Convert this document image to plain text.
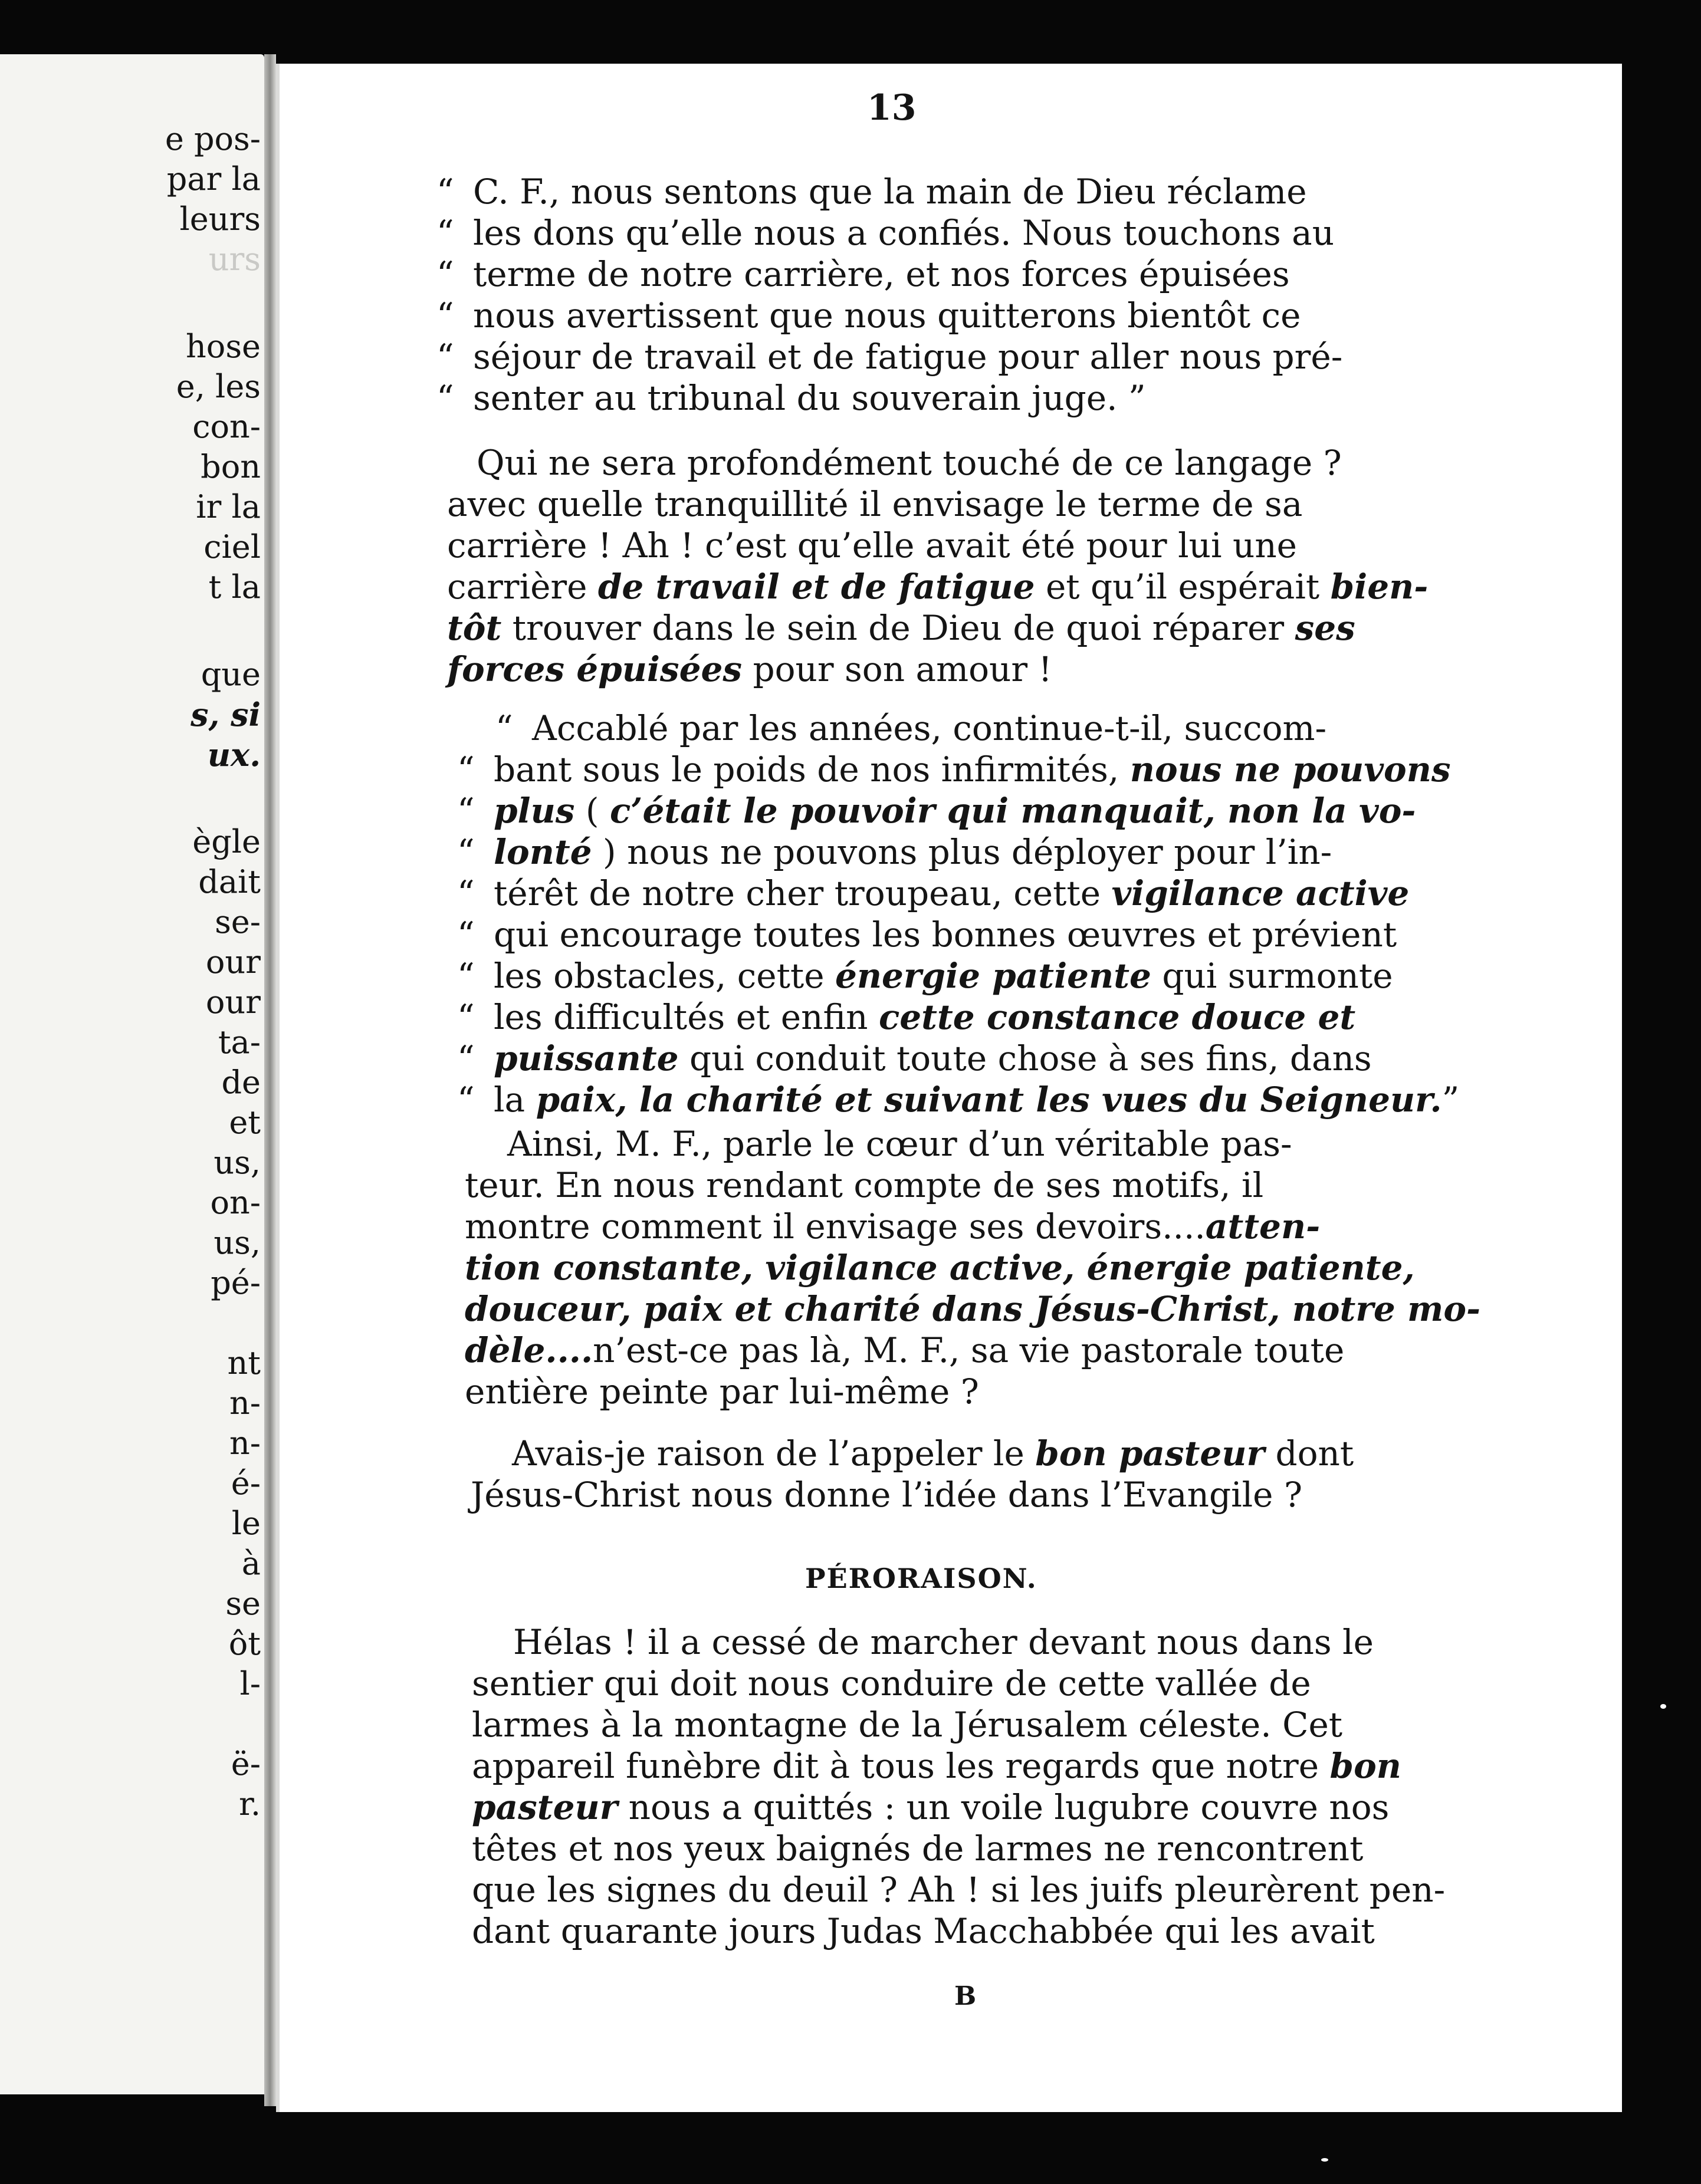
e pos-
par la
leurs
urs
hose
e, les
con-
bon
ir la
ciel
t la
que
s, si
ux.
ègle
dait
se-
our
our
ta-
de
et
us,
on-
us,
pé-
nt
n-
n-
é-
le
à
se
ôt
l-
ë-
r.
13
“ C. F., nous sentons que la main de Dieu réclame
“ les dons qu’elle nous a confiés. Nous touchons au
“ terme de notre carrière, et nos forces épuisées
“ nous avertissent que nous quitterons bientôt ce
“ séjour de travail et de fatigue pour aller nous pré-
“ senter au tribunal du souverain juge. ”
Qui ne sera profondément touché de ce langage ?
avec quelle tranquillité il envisage le terme de sa
carrière ! Ah ! c’est qu’elle avait été pour lui une
carrière de travail et de fatigue et qu’il espérait bien-
tôt trouver dans le sein de Dieu de quoi réparer ses
forces épuisées pour son amour !
“ Accablé par les années, continue-t-il, succom-
“ bant sous le poids de nos infirmités, nous ne pouvons
“ plus ( c’était le pouvoir qui manquait, non la vo-
“ lonté ) nous ne pouvons plus déployer pour l’in-
“ térêt de notre cher troupeau, cette vigilance active
“ qui encourage toutes les bonnes œuvres et prévient
“ les obstacles, cette énergie patiente qui surmonte
“ les difficultés et enfin cette constance douce et
“ puissante qui conduit toute chose à ses fins, dans
“ la paix, la charité et suivant les vues du Seigneur.”
Ainsi, M. F., parle le cœur d’un véritable pas-
teur. En nous rendant compte de ses motifs, il
montre comment il envisage ses devoirs....atten-
tion constante, vigilance active, énergie patiente,
douceur, paix et charité dans Jésus-Christ, notre mo-
dèle....n’est-ce pas là, M. F., sa vie pastorale toute
entière peinte par lui-même ?
Avais-je raison de l’appeler le bon pasteur dont
Jésus-Christ nous donne l’idée dans l’Evangile ?
PÉRORAISON.
Hélas ! il a cessé de marcher devant nous dans le
sentier qui doit nous conduire de cette vallée de
larmes à la montagne de la Jérusalem céleste. Cet
appareil funèbre dit à tous les regards que notre bon
pasteur nous a quittés : un voile lugubre couvre nos
têtes et nos yeux baignés de larmes ne rencontrent
que les signes du deuil ? Ah ! si les juifs pleurèrent pen-
dant quarante jours Judas Macchabbée qui les avait
B
